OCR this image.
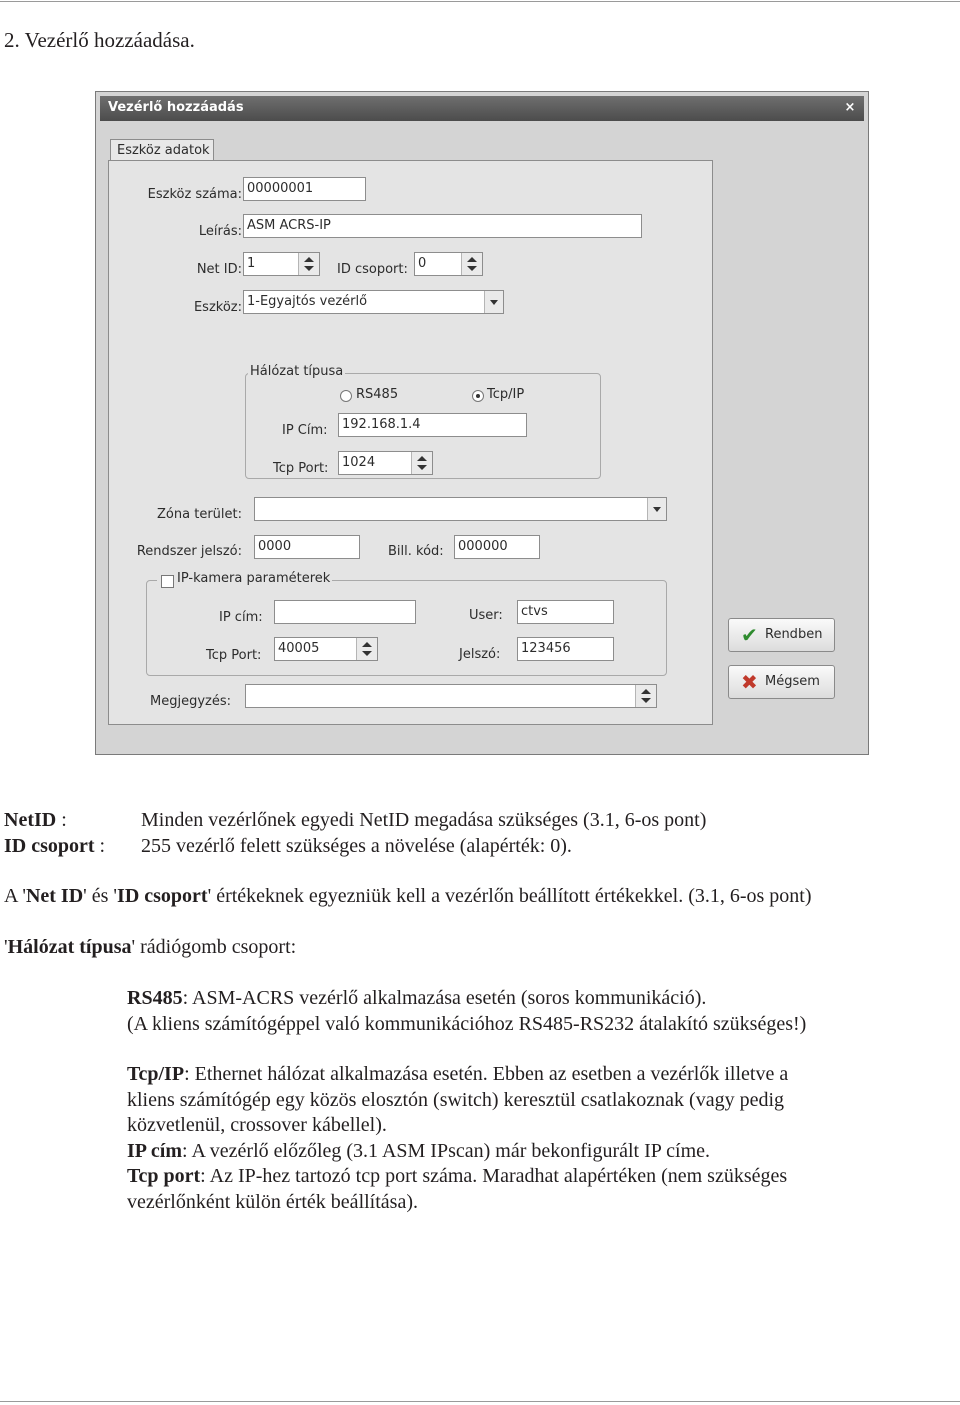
2. Vezérlő hozzáadása.
Vezérlő hozzáadás	×
Eszköz adatok
Eszköz száma: 00000001
Leírás: ASM ACRS-IP
Net ID: 1	ID csoport: 0
Eszköz: 1-Egyajtós vezérlő
Hálózat típusa
RS485	Tcp/IP
IP Cím:	192.168.1.4
Tcp Port:	1024
Zóna terület:
Rendszer jelszó:	0000	Bill. kód:	000000
IP-kamera paraméterek
IP cím:
Tcp Port:	40005
User:	ctvs
Jelszó:	123456
Megjegyzés:
✔ Rendben
✖ Mégsem
NetID :	Minden vezérlőnek egyedi NetID megadása szükséges (3.1, 6-os pont)
ID csoport : 255 vezérlő felett szükséges a növelése (alapérték: 0).
A 'Net ID' és 'ID csoport' értékeknek egyezniük kell a vezérlőn beállított értékekkel. (3.1, 6-os pont)
'Hálózat típusa' rádiógomb csoport:
RS485: ASM-ACRS vezérlő alkalmazása esetén (soros kommunikáció).
(A kliens számítógéppel való kommunikációhoz RS485-RS232 átalakító szükséges!)
Tcp/IP: Ethernet hálózat alkalmazása esetén. Ebben az esetben a vezérlők illetve a
kliens számítógép egy közös elosztón (switch) keresztül csatlakoznak (vagy pedig
közvetlenül, crossover kábellel).
IP cím: A vezérlő előzőleg (3.1 ASM IPscan) már bekonfigurált IP címe.
Tcp port: Az IP-hez tartozó tcp port száma. Maradhat alapértéken (nem szükséges
vezérlőnként külön érték beállítása).
